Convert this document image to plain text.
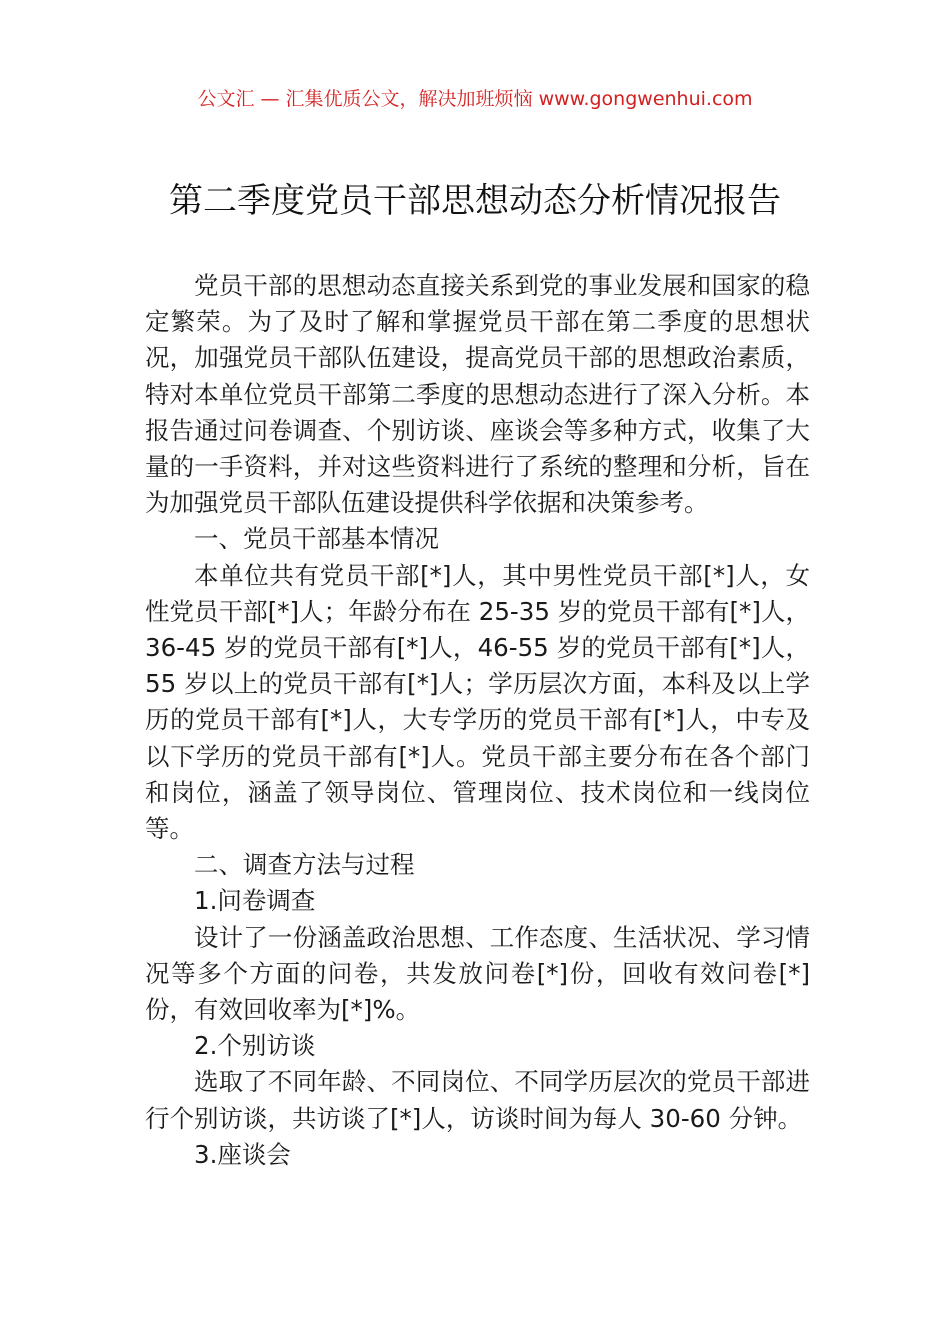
公文汇 — 汇集优质公文，解决加班烦恼 www.gongwenhui.com
第二季度党员干部思想动态分析情况报告

党员干部的思想动态直接关系到党的事业发展和国家的稳定繁荣。为了及时了解和掌握党员干部在第二季度的思想状况，加强党员干部队伍建设，提高党员干部的思想政治素质，特对本单位党员干部第二季度的思想动态进行了深入分析。本报告通过问卷调查、个别访谈、座谈会等多种方式，收集了大量的一手资料，并对这些资料进行了系统的整理和分析，旨在为加强党员干部队伍建设提供科学依据和决策参考。

一、党员干部基本情况

本单位共有党员干部[*]人，其中男性党员干部[*]人，女性党员干部[*]人；年龄分布在 25-35 岁的党员干部有[*]人，36-45 岁的党员干部有[*]人，46-55 岁的党员干部有[*]人，55 岁以上的党员干部有[*]人；学历层次方面，本科及以上学历的党员干部有[*]人，大专学历的党员干部有[*]人，中专及以下学历的党员干部有[*]人。党员干部主要分布在各个部门和岗位，涵盖了领导岗位、管理岗位、技术岗位和一线岗位等。

二、调查方法与过程

1.问卷调查

设计了一份涵盖政治思想、工作态度、生活状况、学习情况等多个方面的问卷，共发放问卷[*]份，回收有效问卷[*]份，有效回收率为[*]%。

2.个别访谈

选取了不同年龄、不同岗位、不同学历层次的党员干部进行个别访谈，共访谈了[*]人，访谈时间为每人 30-60 分钟。

3.座谈会
